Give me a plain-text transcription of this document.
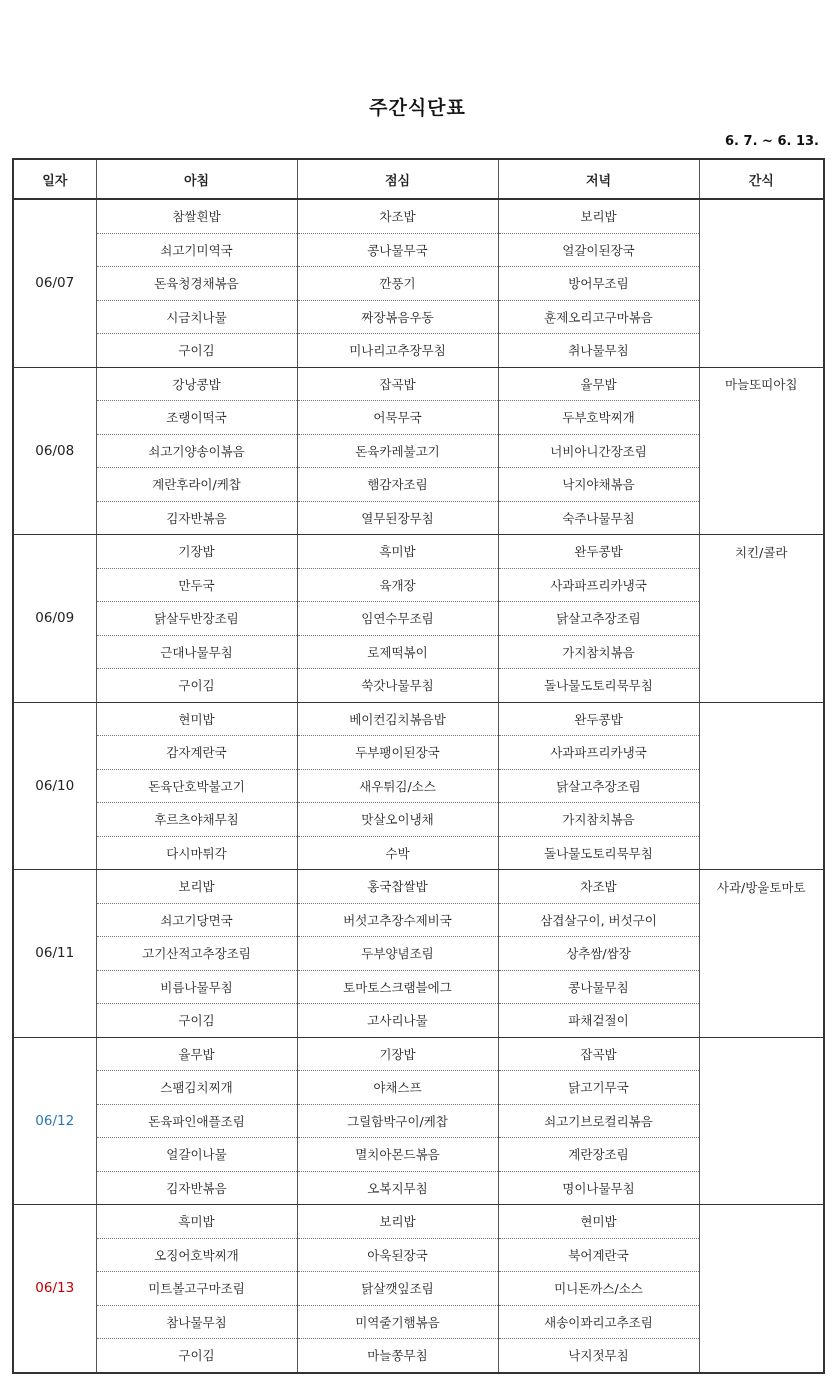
주간식단표
6. 7. ~ 6. 13.
일자	아침	점심	저녁	간식
06/07	참쌀흰밥	차조밥	보리밥	
	쇠고기미역국	콩나물무국	얼갈이된장국	
	돈육청경채볶음	깐풍기	방어무조림	
	시금치나물	짜장볶음우동	훈제오리고구마볶음	
	구이김	미나리고추장무침	취나물무침	
06/08	강낭콩밥	잡곡밥	율무밥	마늘또띠아칩
	조랭이떡국	어묵무국	두부호박찌개	
	쇠고기양송이볶음	돈육카레불고기	너비아니간장조림	
	계란후라이/케찹	햄감자조림	낙지야채볶음	
	김자반볶음	열무된장무침	숙주나물무침	
06/09	기장밥	흑미밥	완두콩밥	치킨/콜라
	만두국	육개장	사과파프리카냉국	
	닭살두반장조림	임연수무조림	닭살고추장조림	
	근대나물무침	로제떡볶이	가지참치볶음	
	구이김	쑥갓나물무침	돌나물도토리묵무침	
06/10	현미밥	베이컨김치볶음밥	완두콩밥	
	감자계란국	두부팽이된장국	사과파프리카냉국	
	돈육단호박불고기	새우튀김/소스	닭살고추장조림	
	후르츠야채무침	맛살오이냉채	가지참치볶음	
	다시마튀각	수박	돌나물도토리묵무침	
06/11	보리밥	홍국찹쌀밥	차조밥	사과/방울토마토
	쇠고기당면국	버섯고추장수제비국	삼겹살구이, 버섯구이	
	고기산적고추장조림	두부양념조림	상추쌈/쌈장	
	비름나물무침	토마토스크램블에그	콩나물무침	
	구이김	고사리나물	파채겉절이	
06/12	율무밥	기장밥	잡곡밥	
	스팸김치찌개	야채스프	닭고기무국	
	돈육파인애플조림	그릴함박구이/케찹	쇠고기브로컬리볶음	
	얼갈이나물	멸치아몬드볶음	계란장조림	
	김자반볶음	오복지무침	명이나물무침	
06/13	흑미밥	보리밥	현미밥	
	오징어호박찌개	아욱된장국	북어계란국	
	미트볼고구마조림	닭살깻잎조림	미니돈까스/소스	
	참나물무침	미역줄기햄볶음	새송이꽈리고추조림	
	구이김	마늘쫑무침	낙지젓무침	
